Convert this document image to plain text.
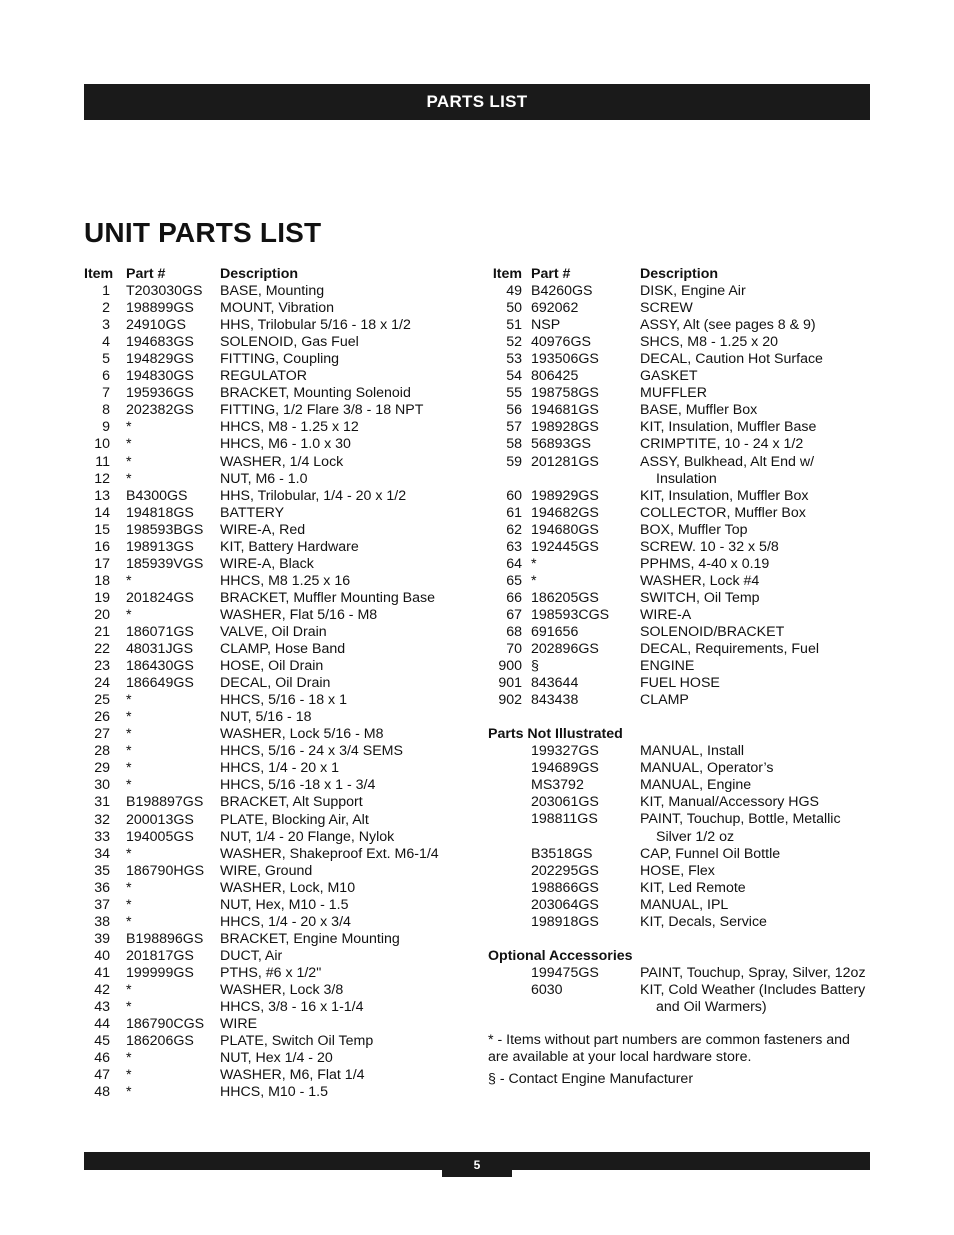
PARTS LIST
UNIT PARTS LIST
Item Part #	Description
1	T203030GS	BASE, Mounting
2	198899GS	MOUNT, Vibration
3	24910GS	HHS, Trilobular 5/16 - 18 x 1/2
4	194683GS	SOLENOID, Gas Fuel
5	194829GS	FITTING, Coupling
6	194830GS	REGULATOR
7	195936GS	BRACKET, Mounting Solenoid
8	202382GS	FITTING, 1/2 Flare 3/8 - 18 NPT
9	*	HHCS, M8 - 1.25 x 12
10	*	HHCS, M6 - 1.0 x 30
11	*	WASHER, 1/4 Lock
12	*	NUT, M6 - 1.0
13	B4300GS	HHS, Trilobular, 1/4 - 20 x 1/2
14	194818GS	BATTERY
15	198593BGS	WIRE-A, Red
16	198913GS	KIT, Battery Hardware
17	185939VGS	WIRE-A, Black
18	*	HHCS, M8 1.25 x 16
19	201824GS	BRACKET, Muffler Mounting Base
20	*	WASHER, Flat 5/16 - M8
21	186071GS	VALVE, Oil Drain
22	48031JGS	CLAMP, Hose Band
23	186430GS	HOSE, Oil Drain
24	186649GS	DECAL, Oil Drain
25	*	HHCS, 5/16 - 18 x 1
26	*	NUT, 5/16 - 18
27	*	WASHER, Lock 5/16 - M8
28	*	HHCS, 5/16 - 24 x 3/4 SEMS
29	*	HHCS, 1/4 - 20 x 1
30	*	HHCS, 5/16 -18 x 1 - 3/4
31	B198897GS	BRACKET, Alt Support
32	200013GS	PLATE, Blocking Air, Alt
33	194005GS	NUT, 1/4 - 20 Flange, Nylok
34	*	WASHER, Shakeproof Ext. M6-1/4
35	186790HGS	WIRE, Ground
36	*	WASHER, Lock, M10
37	*	NUT, Hex, M10 - 1.5
38	*	HHCS, 1/4 - 20 x 3/4
39	B198896GS	BRACKET, Engine Mounting
40	201817GS	DUCT, Air
41	199999GS	PTHS, #6 x 1/2"
42	*	WASHER, Lock 3/8
43	*	HHCS, 3/8 - 16 x 1-1/4
44	186790CGS	WIRE
45	186206GS	PLATE, Switch Oil Temp
46	*	NUT, Hex 1/4 - 20
47	*	WASHER, M6, Flat 1/4
48	*	HHCS, M10 - 1.5
Item Part #	Description
49 B4260GS	DISK, Engine Air
50 692062	SCREW
51 NSP	ASSY, Alt (see pages 8 & 9)
52 40976GS	SHCS, M8 - 1.25 x 20
53 193506GS	DECAL, Caution Hot Surface
54 806425	GASKET
55 198758GS	MUFFLER
56 194681GS	BASE, Muffler Box
57 198928GS	KIT, Insulation, Muffler Base
58 56893GS	CRIMPTITE, 10 - 24 x 1/2
59 201281GS	ASSY, Bulkhead, Alt End w/
Insulation
60 198929GS	KIT, Insulation, Muffler Box
61 194682GS	COLLECTOR, Muffler Box
62 194680GS	BOX, Muffler Top
63 192445GS	SCREW. 10 - 32 x 5/8
64 *	PPHMS, 4-40 x 0.19
65 *	WASHER, Lock #4
66 186205GS	SWITCH, Oil Temp
67 198593CGS	WIRE-A
68 691656	SOLENOID/BRACKET
70 202896GS	DECAL, Requirements, Fuel
900 §	ENGINE
901 843644	FUEL HOSE
902 843438	CLAMP
Parts Not Illustrated
199327GS	MANUAL, Install
194689GS	MANUAL, Operator’s
MS3792	MANUAL, Engine
203061GS	KIT, Manual/Accessory HGS
198811GS	PAINT, Touchup, Bottle, Metallic
Silver 1/2 oz
B3518GS	CAP, Funnel Oil Bottle
202295GS	HOSE, Flex
198866GS	KIT, Led Remote
203064GS	MANUAL, IPL
198918GS	KIT, Decals, Service
Optional Accessories
199475GS	PAINT, Touchup, Spray, Silver, 12oz
6030	KIT, Cold Weather (Includes Battery
and Oil Warmers)
* - Items without part numbers are common fasteners and are available at your local hardware store.
§ - Contact Engine Manufacturer
5
